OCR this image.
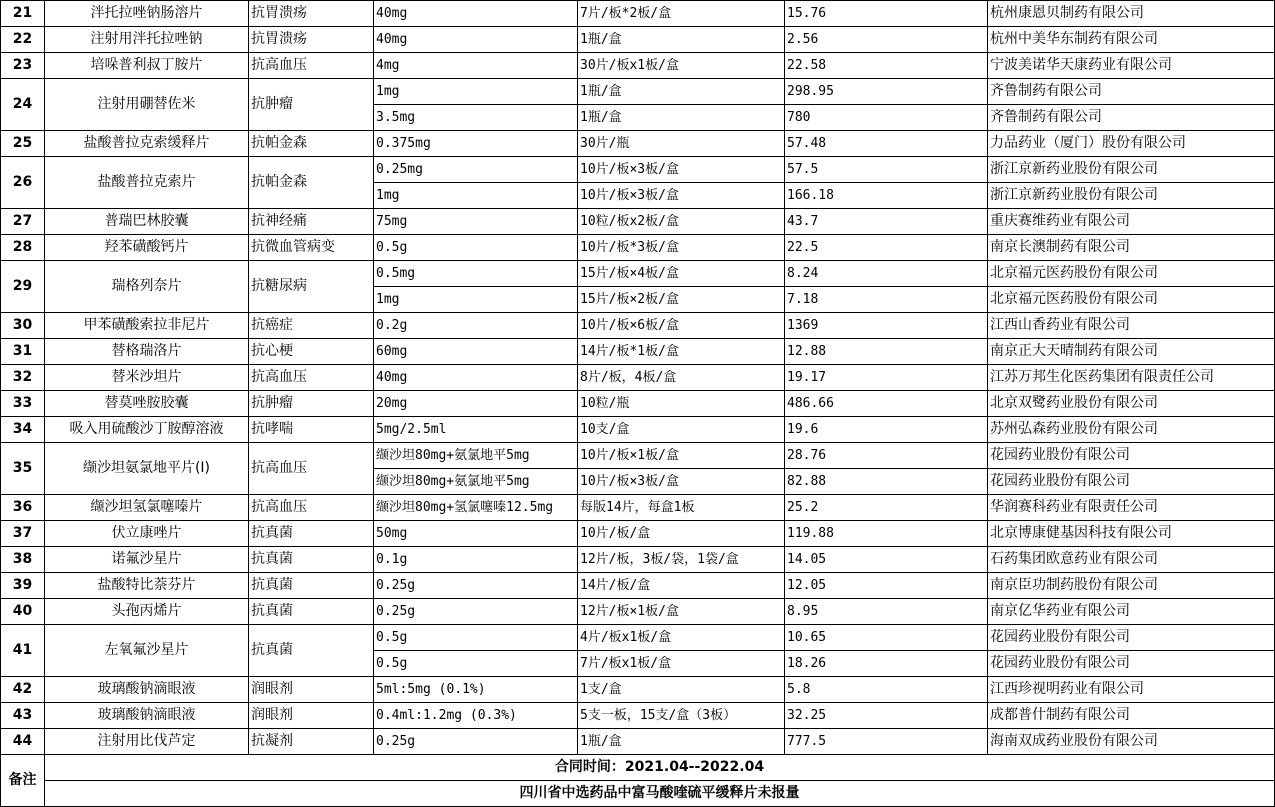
21	泮托拉唑钠肠溶片	抗胃溃疡	40mg	7片/板*2板/盒	15.76	杭州康恩贝制药有限公司
22	注射用泮托拉唑钠	抗胃溃疡	40mg	1瓶/盒	2.56	杭州中美华东制药有限公司
23	培哚普利叔丁胺片	抗高血压	4mg	30片/板x1板/盒	22.58	宁波美诺华天康药业有限公司
24	注射用硼替佐米	抗肿瘤	1mg	1瓶/盒	298.95	齐鲁制药有限公司
			3.5mg	1瓶/盒	780	齐鲁制药有限公司
25	盐酸普拉克索缓释片	抗帕金森	0.375mg	30片/瓶	57.48	力品药业（厦门）股份有限公司
26	盐酸普拉克索片	抗帕金森	0.25mg	10片/板×3板/盒	57.5	浙江京新药业股份有限公司
			1mg	10片/板×3板/盒	166.18	浙江京新药业股份有限公司
27	普瑞巴林胶囊	抗神经痛	75mg	10粒/板x2板/盒	43.7	重庆赛维药业有限公司
28	羟苯磺酸钙片	抗微血管病变	0.5g	10片/板*3板/盒	22.5	南京长澳制药有限公司
29	瑞格列奈片	抗糖尿病	0.5mg	15片/板×4板/盒	8.24	北京福元医药股份有限公司
			1mg	15片/板×2板/盒	7.18	北京福元医药股份有限公司
30	甲苯磺酸索拉非尼片	抗癌症	0.2g	10片/板×6板/盒	1369	江西山香药业有限公司
31	替格瑞洛片	抗心梗	60mg	14片/板*1板/盒	12.88	南京正大天晴制药有限公司
32	替米沙坦片	抗高血压	40mg	8片/板，4板/盒	19.17	江苏万邦生化医药集团有限责任公司
33	替莫唑胺胶囊	抗肿瘤	20mg	10粒/瓶	486.66	北京双鹭药业股份有限公司
34	吸入用硫酸沙丁胺醇溶液	抗哮喘	5mg/2.5ml	10支/盒	19.6	苏州弘森药业股份有限公司
35	缬沙坦氨氯地平片(Ⅰ)	抗高血压	缬沙坦80mg+氨氯地平5mg	10片/板×1板/盒	28.76	花园药业股份有限公司
			缬沙坦80mg+氨氯地平5mg	10片/板×3板/盒	82.88	花园药业股份有限公司
36	缬沙坦氢氯噻嗪片	抗高血压	缬沙坦80mg+氢氯噻嗪12.5mg	每版14片，每盒1板	25.2	华润赛科药业有限责任公司
37	伏立康唑片	抗真菌	50mg	10片/板/盒	119.88	北京博康健基因科技有限公司
38	诺氟沙星片	抗真菌	0.1g	12片/板，3板/袋，1袋/盒	14.05	石药集团欧意药业有限公司
39	盐酸特比萘芬片	抗真菌	0.25g	14片/板/盒	12.05	南京臣功制药股份有限公司
40	头孢丙烯片	抗真菌	0.25g	12片/板×1板/盒	8.95	南京亿华药业有限公司
41	左氧氟沙星片	抗真菌	0.5g	4片/板x1板/盒	10.65	花园药业股份有限公司
			0.5g	7片/板x1板/盒	18.26	花园药业股份有限公司
42	玻璃酸钠滴眼液	润眼剂	5ml:5mg (0.1%)	1支/盒	5.8	江西珍视明药业有限公司
43	玻璃酸钠滴眼液	润眼剂	0.4ml:1.2mg (0.3%)	5支一板，15支/盒（3板）	32.25	成都普什制药有限公司
44	注射用比伐芦定	抗凝剂	0.25g	1瓶/盒	777.5	海南双成药业股份有限公司
备注	合同时间：2021.04--2022.04					
	四川省中选药品中富马酸喹硫平缓释片未报量					
